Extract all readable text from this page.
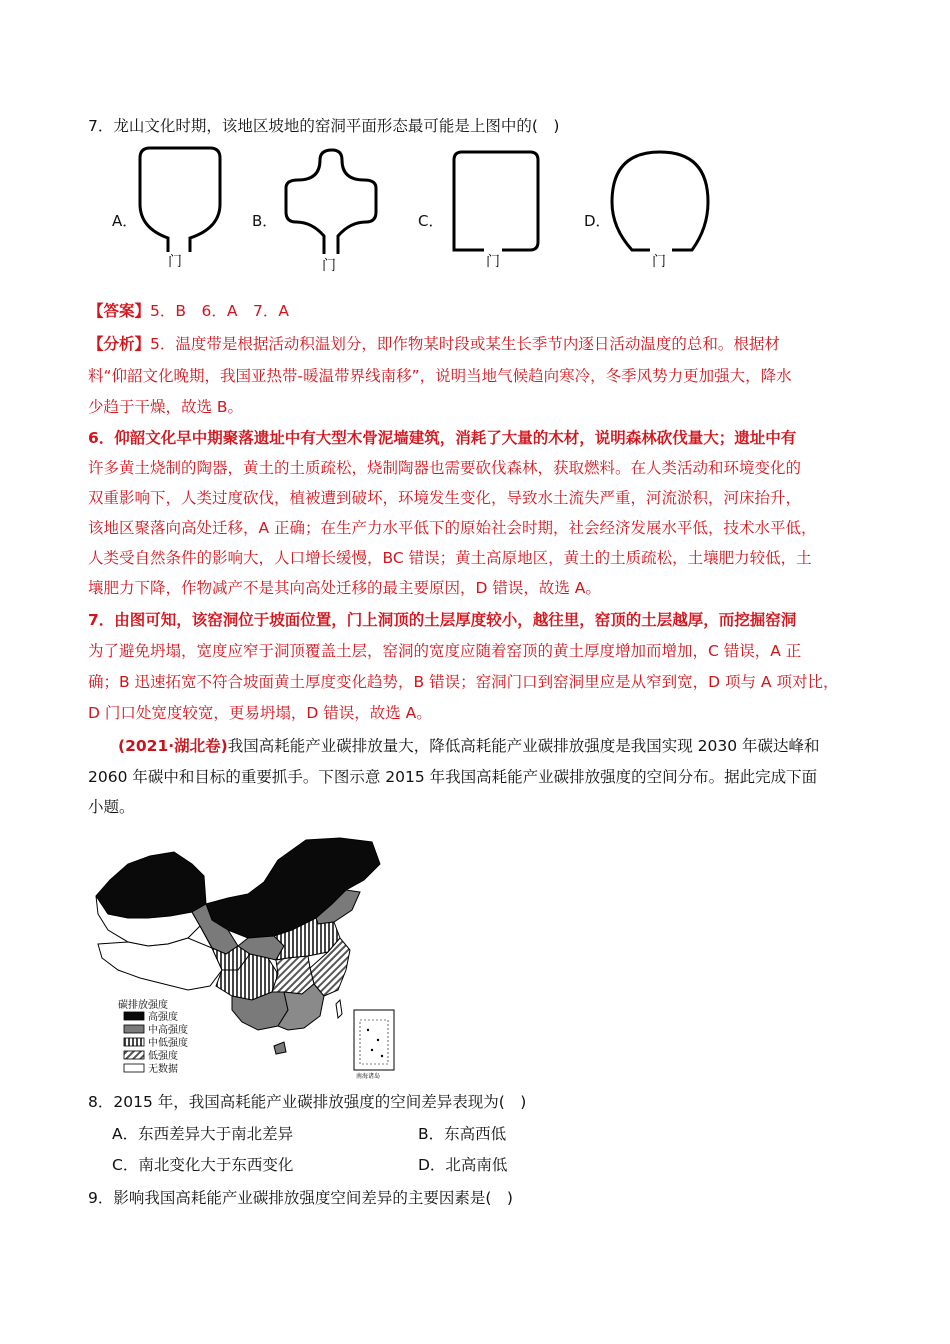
7．龙山文化时期，该地区坡地的窑洞平面形态最可能是上图中的(　)
A．
门
B．
门
C．
门
D．
门
【答案】5．B　6．A　7．A
【分析】5．温度带是根据活动积温划分，即作物某时段或某生长季节内逐日活动温度的总和。根据材
料“仰韶文化晚期，我国亚热带-暖温带界线南移”，说明当地气候趋向寒冷，冬季风势力更加强大，降水
少趋于干燥，故选 B。
6．仰韶文化早中期聚落遗址中有大型木骨泥墙建筑，消耗了大量的木材，说明森林砍伐量大；遗址中有
许多黄土烧制的陶器，黄土的土质疏松，烧制陶器也需要砍伐森林，获取燃料。在人类活动和环境变化的
双重影响下，人类过度砍伐，植被遭到破坏，环境发生变化，导致水土流失严重，河流淤积，河床抬升，
该地区聚落向高处迁移，A 正确；在生产力水平低下的原始社会时期，社会经济发展水平低，技术水平低，
人类受自然条件的影响大，人口增长缓慢，BC 错误；黄土高原地区，黄土的土质疏松，土壤肥力较低，土
壤肥力下降，作物减产不是其向高处迁移的最主要原因，D 错误，故选 A。
7．由图可知，该窑洞位于坡面位置，门上洞顶的土层厚度较小，越往里，窑顶的土层越厚，而挖掘窑洞
为了避免坍塌，宽度应窄于洞顶覆盖土层，窑洞的宽度应随着窑顶的黄土厚度增加而增加，C 错误，A 正
确；B 迅速拓宽不符合坡面黄土厚度变化趋势，B 错误；窑洞门口到窑洞里应是从窄到宽，D 项与 A 项对比，
D 门口处宽度较宽，更易坍塌，D 错误，故选 A。
(2021·湖北卷)我国高耗能产业碳排放量大，降低高耗能产业碳排放强度是我国实现 2030 年碳达峰和
2060 年碳中和目标的重要抓手。下图示意 2015 年我国高耗能产业碳排放强度的空间分布。据此完成下面
小题。
南海诸岛
碳排放强度
高强度
中高强度
中低强度
低强度
无数据
8．2015 年，我国高耗能产业碳排放强度的空间差异表现为(　)
A．东西差异大于南北差异	B．东高西低
C．南北变化大于东西变化	D．北高南低
9．影响我国高耗能产业碳排放强度空间差异的主要因素是(　)
